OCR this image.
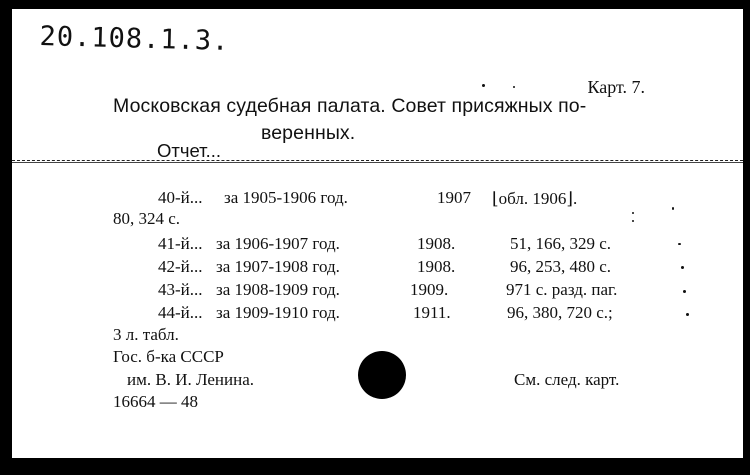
20.108.1.3.
Карт. 7.
Московская судебная палата. Совет присяжных по-
веренных.
Отчет...
40-й... за 1905-1906 год.	1907 ⌊обл. 1906⌋.
80, 324 с.
41-й... за 1906-1907 год.	1908.	51, 166, 329 с.
42-й... за 1907-1908 год.	1908.	96, 253, 480 с.
43-й... за 1908-1909 год.	1909.	971 с. разд. паг.
44-й... за 1909-1910 год.	1911.	96, 380, 720 с.;
3 л. табл.
Гос. б-ка СССР
им. В. И. Ленина.
16664 — 48
См. след. карт.
